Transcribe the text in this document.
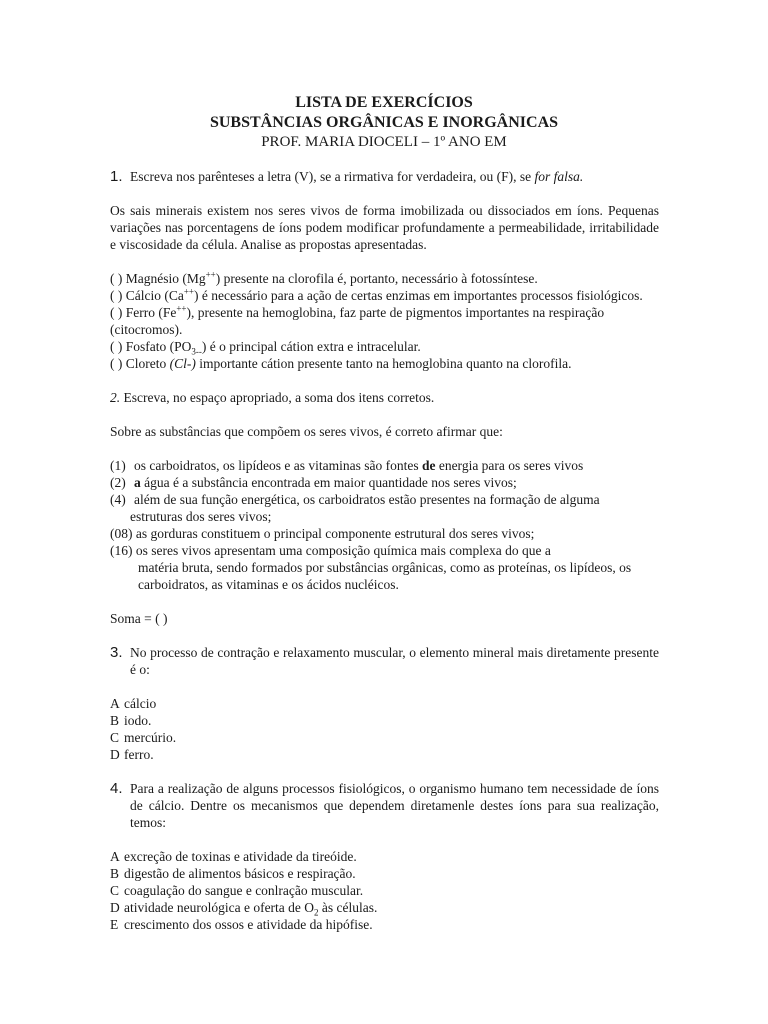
LISTA DE EXERCÍCIOS

SUBSTÂNCIAS ORGÂNICAS E INORGÂNICAS

PROF. MARIA DIOCELI – 1º ANO EM

1. Escreva nos parênteses a letra (V), se a rirmativa for verdadeira, ou (F), se for falsa.

Os sais minerais existem nos seres vivos de forma imobilizada ou dissociados em íons. Pequenas variações nas porcentagens de íons podem modificar profundamente a permeabilidade, irritabilidade e viscosidade da célula. Analise as propostas apresentadas.

( ) Magnésio (Mg++) presente na clorofila é, portanto, necessário à fotossíntese.

( ) Cálcio (Ca++) é necessário para a ação de certas enzimas em importantes processos fisiológicos.

( ) Ferro (Fe++), presente na hemoglobina, faz parte de pigmentos importantes na respiração (citocromos).

( ) Fosfato $(PO_{3--})$ é o principal cátion extra e intracelular.

( ) Cloreto (Cl-) importante cátion presente tanto na hemoglobina quanto na clorofila.

2. Escreva, no espaço apropriado, a soma dos itens corretos.

Sobre as substâncias que compõem os seres vivos, é correto afirmar que:

(1) os carboidratos, os lipídeos e as vitaminas são fontes de energia para os seres vivos
(2) a água é a substância encontrada em maior quantidade nos seres vivos;
(4) além de sua função energética, os carboidratos estão presentes na formação de alguma

estruturas dos seres vivos;

(08) as gorduras constituem o principal componente estrutural dos seres vivos;

(16) os seres vivos apresentam uma composição química mais complexa do que a

matéria bruta, sendo formados por substâncias orgânicas, como as proteínas, os lipídeos, os carboidratos, as vitaminas e os ácidos nucléicos.

Soma = ( )

3. No processo de contração e relaxamento muscular, o elemento mineral mais diretamente presente é o:
A cálcio
B iodo.
C mercúrio.
D ferro.
4. Para a realização de alguns processos fisiológicos, o organismo humano tem necessidade de íons de cálcio. Dentre os mecanismos que dependem diretamenle destes íons para sua realização, temos:
A excreção de toxinas e atividade da tireóide.
B digestão de alimentos básicos e respiração.
C coagulação do sangue e conlração muscular.
D atividade neurológica e oferta de $O_2$ às células.
E crescimento dos ossos e atividade da hipófise.
